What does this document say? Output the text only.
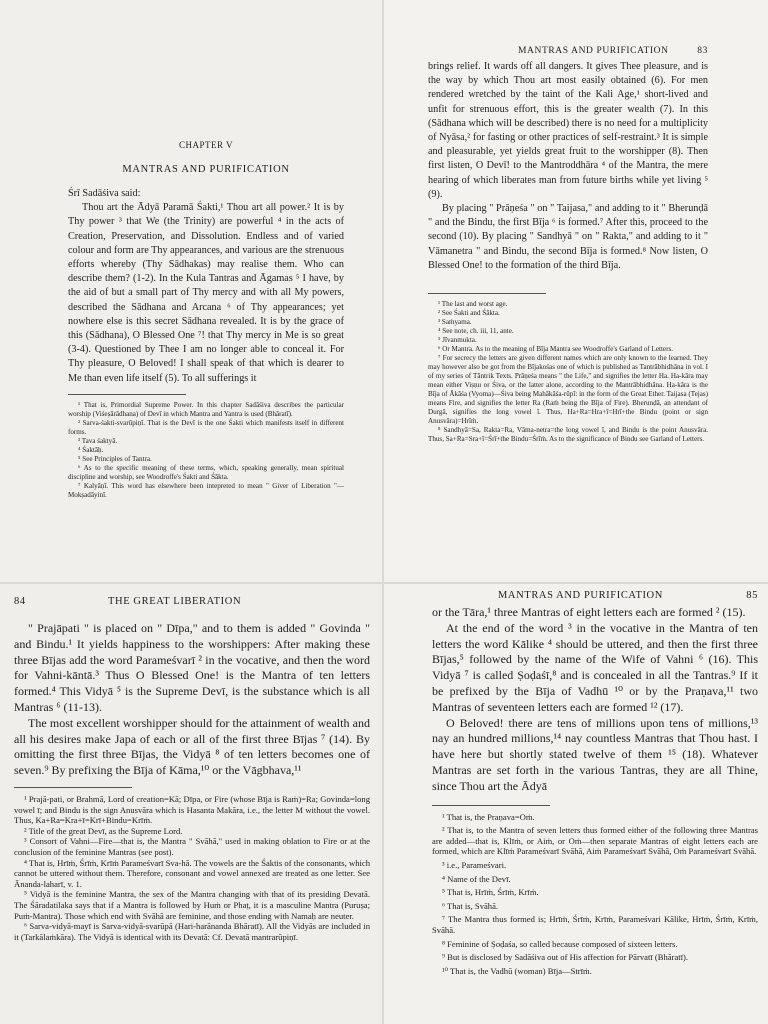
CHAPTER V
MANTRAS AND PURIFICATION

Śrī Sadāśiva said:

Thou art the Ādyā Paramā Śakti,¹ Thou art all power.² It is by Thy power ³ that We (the Trinity) are powerful ⁴ in the acts of Creation, Preservation, and Dissolution. Endless and of varied colour and form are Thy appearances, and various are the strenuous efforts whereby (Thy Sādhakas) may realise them. Who can describe them? (1-2). In the Kula Tantras and Āgamas ⁵ I have, by the aid of but a small part of Thy mercy and with all My powers, described the Sādhana and Arcana ⁶ of Thy appearances; yet nowhere else is this secret Sādhana revealed. It is by the grace of this (Sādhana), O Blessed One ⁷! that Thy mercy in Me is so great (3-4). Questioned by Thee I am no longer able to conceal it. For Thy pleasure, O Beloved! I shall speak of that which is dearer to Me than even life itself (5). To all sufferings it

¹ That is, Primordial Supreme Power. In this chapter Sadāśiva describes the particular worship (Viśeṣārādhana) of Devī in which Mantra and Yantra is used (Bhāratī).

² Sarva-śakti-svarūpiṇī. That is the Devī is the one Śakti which manifests itself in different forms.

³ Tava śaktyā.

⁴ Śaktāḥ.

⁵ See Principles of Tantra.

⁶ As to the specific meaning of these terms, which, speaking generally, mean spiritual discipline and worship, see Woodroffe's Śakti and Śākta.

⁷ Kalyāṇī. This word has elsewhere been intepreted to mean " Giver of Liberation "—Mokṣadāyinī.

MANTRAS AND PURIFICATION	83

brings relief. It wards off all dangers. It gives Thee pleasure, and is the way by which Thou art most easily obtained (6). For men rendered wretched by the taint of the Kali Age,¹ short-lived and unfit for strenuous effort, this is the greater wealth (7). In this (Sādhana which will be described) there is no need for a multiplicity of Nyāsa,² for fasting or other practices of self-restraint.³ It is simple and pleasurable, yet yields great fruit to the worshipper (8). Then first listen, O Devī! to the Mantroddhāra ⁴ of the Mantra, the mere hearing of which liberates man from future births while yet living ⁵ (9).

By placing " Prāṇeśa " on " Taijasa," and adding to it " Bherunḍā " and the Bindu, the first Bīja ⁶ is formed.⁷ After this, proceed to the second (10). By placing " Sandhyā " on " Rakta," and adding to it " Vāmanetra " and Bindu, the second Bīja is formed.⁸ Now listen, O Blessed One! to the formation of the third Bīja.

¹ The last and worst age.

² See Śakti and Śākta.

³ Saṁyama.

⁴ See note, ch. iii, 11, ante.

⁵ Jīvanmukta.

⁶ Or Mantra. As to the meaning of Bīja Mantra see Woodroffe's Garland of Letters.

⁷ For secrecy the letters are given different names which are only known to the learned. They may however also be got from the Bījakośas one of which is published as Tantrābhidhāna in vol. I of my series of Tāntrik Texts. Prāṇeśa means " the Life," and signifies the letter Ha. Ha-kāra may mean either Viṣṇu or Śiva, or the latter alone, according to the Mantrābhidhāna. Ha-kāra is the Bīja of Ākāśa (Vyoma)—Śiva being Mahākāśa-rūpī: in the form of the Great Ether. Taijasa (Tejas) means Fire, and signifies the letter Ra (Raṁ being the Bīja of Fire). Bherunḍā, an attendant of Durgā, signifies the long vowel ī. Thus, Ha+Ra=Hra+ī=Hrī+the Bindu (point or sign Anusvāra)=Hrīṁ.

⁸ Sandhyā=Sa, Rakta=Ra, Vāma-netra=the long vowel ī, and Bindu is the point Anusvāra. Thus, Sa+Ra=Sra+ī=Śrī+the Bindu=Śrīṁ. As to the significance of Bindu see Garland of Letters.

84	THE GREAT LIBERATION

" Prajāpati " is placed on " Dīpa," and to them is added " Govinda " and Bindu.¹ It yields happiness to the worshippers: After making these three Bījas add the word Parameśvarī ² in the vocative, and then the word for Vahni-kāntā.³ Thus O Blessed One! is the Mantra of ten letters formed.⁴ This Vidyā ⁵ is the Supreme Devī, is the substance which is all Mantras ⁶ (11-13).

The most excellent worshipper should for the attainment of wealth and all his desires make Japa of each or all of the first three Bījas ⁷ (14). By omitting the first three Bījas, the Vidyā ⁸ of ten letters becomes one of seven.⁹ By prefixing the Bīja of Kāma,¹⁰ or the Vāgbhava,¹¹

¹ Prajā-pati, or Brahmā, Lord of creation=Kā; Dīpa, or Fire (whose Bīja is Raṁ)=Ra; Govinda=long vowel ī; and Bindu is the sign Anusvāra which is Hasanta Makāra, i.e., the letter M without the vowel. Thus, Ka+Ra=Kra+ī=Krī+Bindu=Krīṁ.

² Title of the great Devī, as the Supreme Lord.

³ Consort of Vahni—Fire—that is, the Mantra " Svāhā," used in making oblation to Fire or at the conclusion of the feminine Mantras (see post).

⁴ That is, Hrīṁ, Śrīṁ, Krīṁ Parameśvarī Sva-hā. The vowels are the Śaktis of the consonants, which cannot be uttered without them. Therefore, consonant and vowel annexed are treated as one letter. See Ānanda-laharī, v. 1.

⁵ Vidyā is the feminine Mantra, the sex of the Mantra changing with that of its presiding Devatā. The Śāradatilaka says that if a Mantra is followed by Huṁ or Phaṭ, it is a masculine Mantra (Puruṣa; Puṁ-Mantra). Those which end with Svāhā are feminine, and those ending with Namaḥ are neuter.

⁶ Sarva-vidyā-mayī is Sarva-vidyā-svarūpā (Hari-harānanda Bhāratī). All the Vidyās are included in it (Tarkālaṁkāra). The Vidyā is identical with its Devatā: Cf. Devatā mantrarūpiṇī.

MANTRAS AND PURIFICATION	85

or the Tāra,¹ three Mantras of eight letters each are formed ² (15).

At the end of the word ³ in the vocative in the Mantra of ten letters the word Kālike ⁴ should be uttered, and then the first three Bījas,⁵ followed by the name of the Wife of Vahni ⁶ (16). This Vidyā ⁷ is called Ṣoḍaśī,⁸ and is concealed in all the Tantras.⁹ If it be prefixed by the Bīja of Vadhū ¹⁰ or by the Praṇava,¹¹ two Mantras of seventeen letters each are formed ¹² (17).

O Beloved! there are tens of millions upon tens of millions,¹³ nay an hundred millions,¹⁴ nay countless Mantras that Thou hast. I have here but shortly stated twelve of them ¹⁵ (18). Whatever Mantras are set forth in the various Tantras, they are all Thine, since Thou art the Ādyā

¹ That is, the Praṇava=Oṁ.

² That is, to the Mantra of seven letters thus formed either of the following three Mantras are added—that is, Klīṁ, or Aiṁ, or Oṁ—then separate Mantras of eight letters each are formed, which are Klīṁ Parameśvarī Svāhā, Aiṁ Parameśvarī Svāhā, Oṁ Parameśvarī Svāhā.

³ i.e., Parameśvari.

⁴ Name of the Devī.

⁵ That is, Hrīṁ, Śrīṁ, Krīṁ.

⁶ That is, Svāhā.

⁷ The Mantra thus formed is; Hrīṁ, Śrīṁ, Krīṁ, Parameśvari Kālike, Hrīṁ, Śrīṁ, Krīṁ, Svāhā.

⁸ Feminine of Ṣoḍaśa, so called because composed of sixteen letters.

⁹ But is disclosed by Sadāśiva out of His affection for Pārvatī (Bhāratī).

¹⁰ That is, the Vadhū (woman) Bīja—Strīṁ.
